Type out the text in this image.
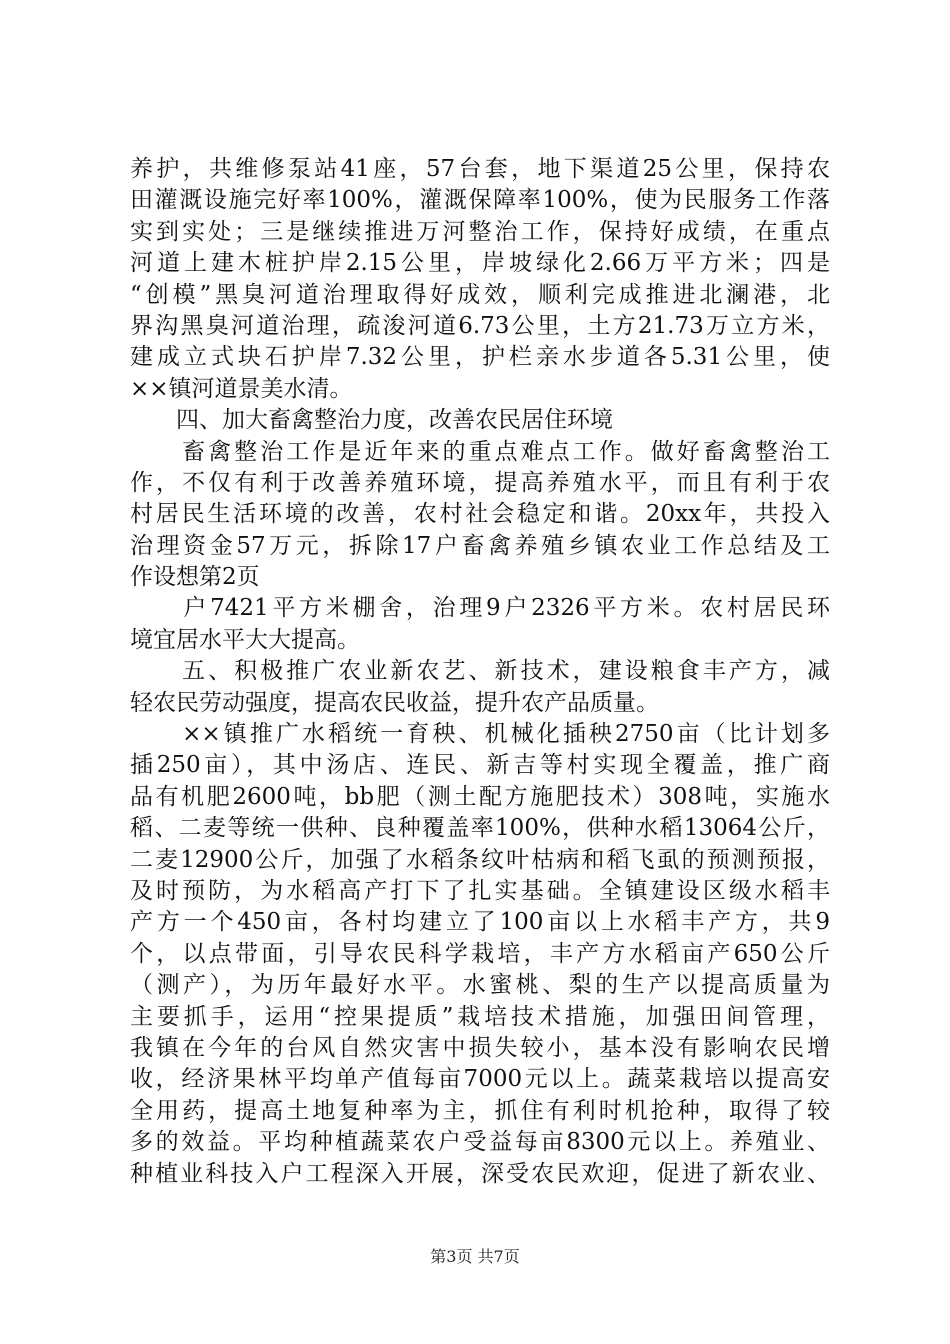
养护，共维修泵站41座，57台套，地下渠道25公里，保持农
田灌溉设施完好率100%，灌溉保障率100%，使为民服务工作落
实到实处；三是继续推进万河整治工作，保持好成绩，在重点
河道上建木桩护岸2.15公里，岸坡绿化2.66万平方米；四是
“创模”黑臭河道治理取得好成效，顺利完成推进北澜港，北
界沟黑臭河道治理，疏浚河道6.73公里，土方21.73万立方米，
建成立式块石护岸7.32公里，护栏亲水步道各5.31公里，使
××镇河道景美水清。
　　四、加大畜禽整治力度，改善农民居住环境
　　畜禽整治工作是近年来的重点难点工作。做好畜禽整治工
作，不仅有利于改善养殖环境，提高养殖水平，而且有利于农
村居民生活环境的改善，农村社会稳定和谐。20xx年，共投入
治理资金57万元，拆除17户畜禽养殖乡镇农业工作总结及工
作设想第2页
　　户7421平方米棚舍，治理9户2326平方米。农村居民环
境宜居水平大大提高。
　　五、积极推广农业新农艺、新技术，建设粮食丰产方，减
轻农民劳动强度，提高农民收益，提升农产品质量。
　　××镇推广水稻统一育秧、机械化插秧2750亩（比计划多
插250亩），其中汤店、连民、新吉等村实现全覆盖，推广商
品有机肥2600吨，bb肥（测土配方施肥技术）308吨，实施水
稻、二麦等统一供种、良种覆盖率100%，供种水稻13064公斤，
二麦12900公斤，加强了水稻条纹叶枯病和稻飞虱的预测预报，
及时预防，为水稻高产打下了扎实基础。全镇建设区级水稻丰
产方一个450亩，各村均建立了100亩以上水稻丰产方，共9
个，以点带面，引导农民科学栽培，丰产方水稻亩产650公斤
（测产），为历年最好水平。水蜜桃、梨的生产以提高质量为
主要抓手，运用“控果提质”栽培技术措施，加强田间管理，
我镇在今年的台风自然灾害中损失较小，基本没有影响农民增
收，经济果林平均单产值每亩7000元以上。蔬菜栽培以提高安
全用药，提高土地复种率为主，抓住有利时机抢种，取得了较
多的效益。平均种植蔬菜农户受益每亩8300元以上。养殖业、
种植业科技入户工程深入开展，深受农民欢迎，促进了新农业、
第3页 共7页
